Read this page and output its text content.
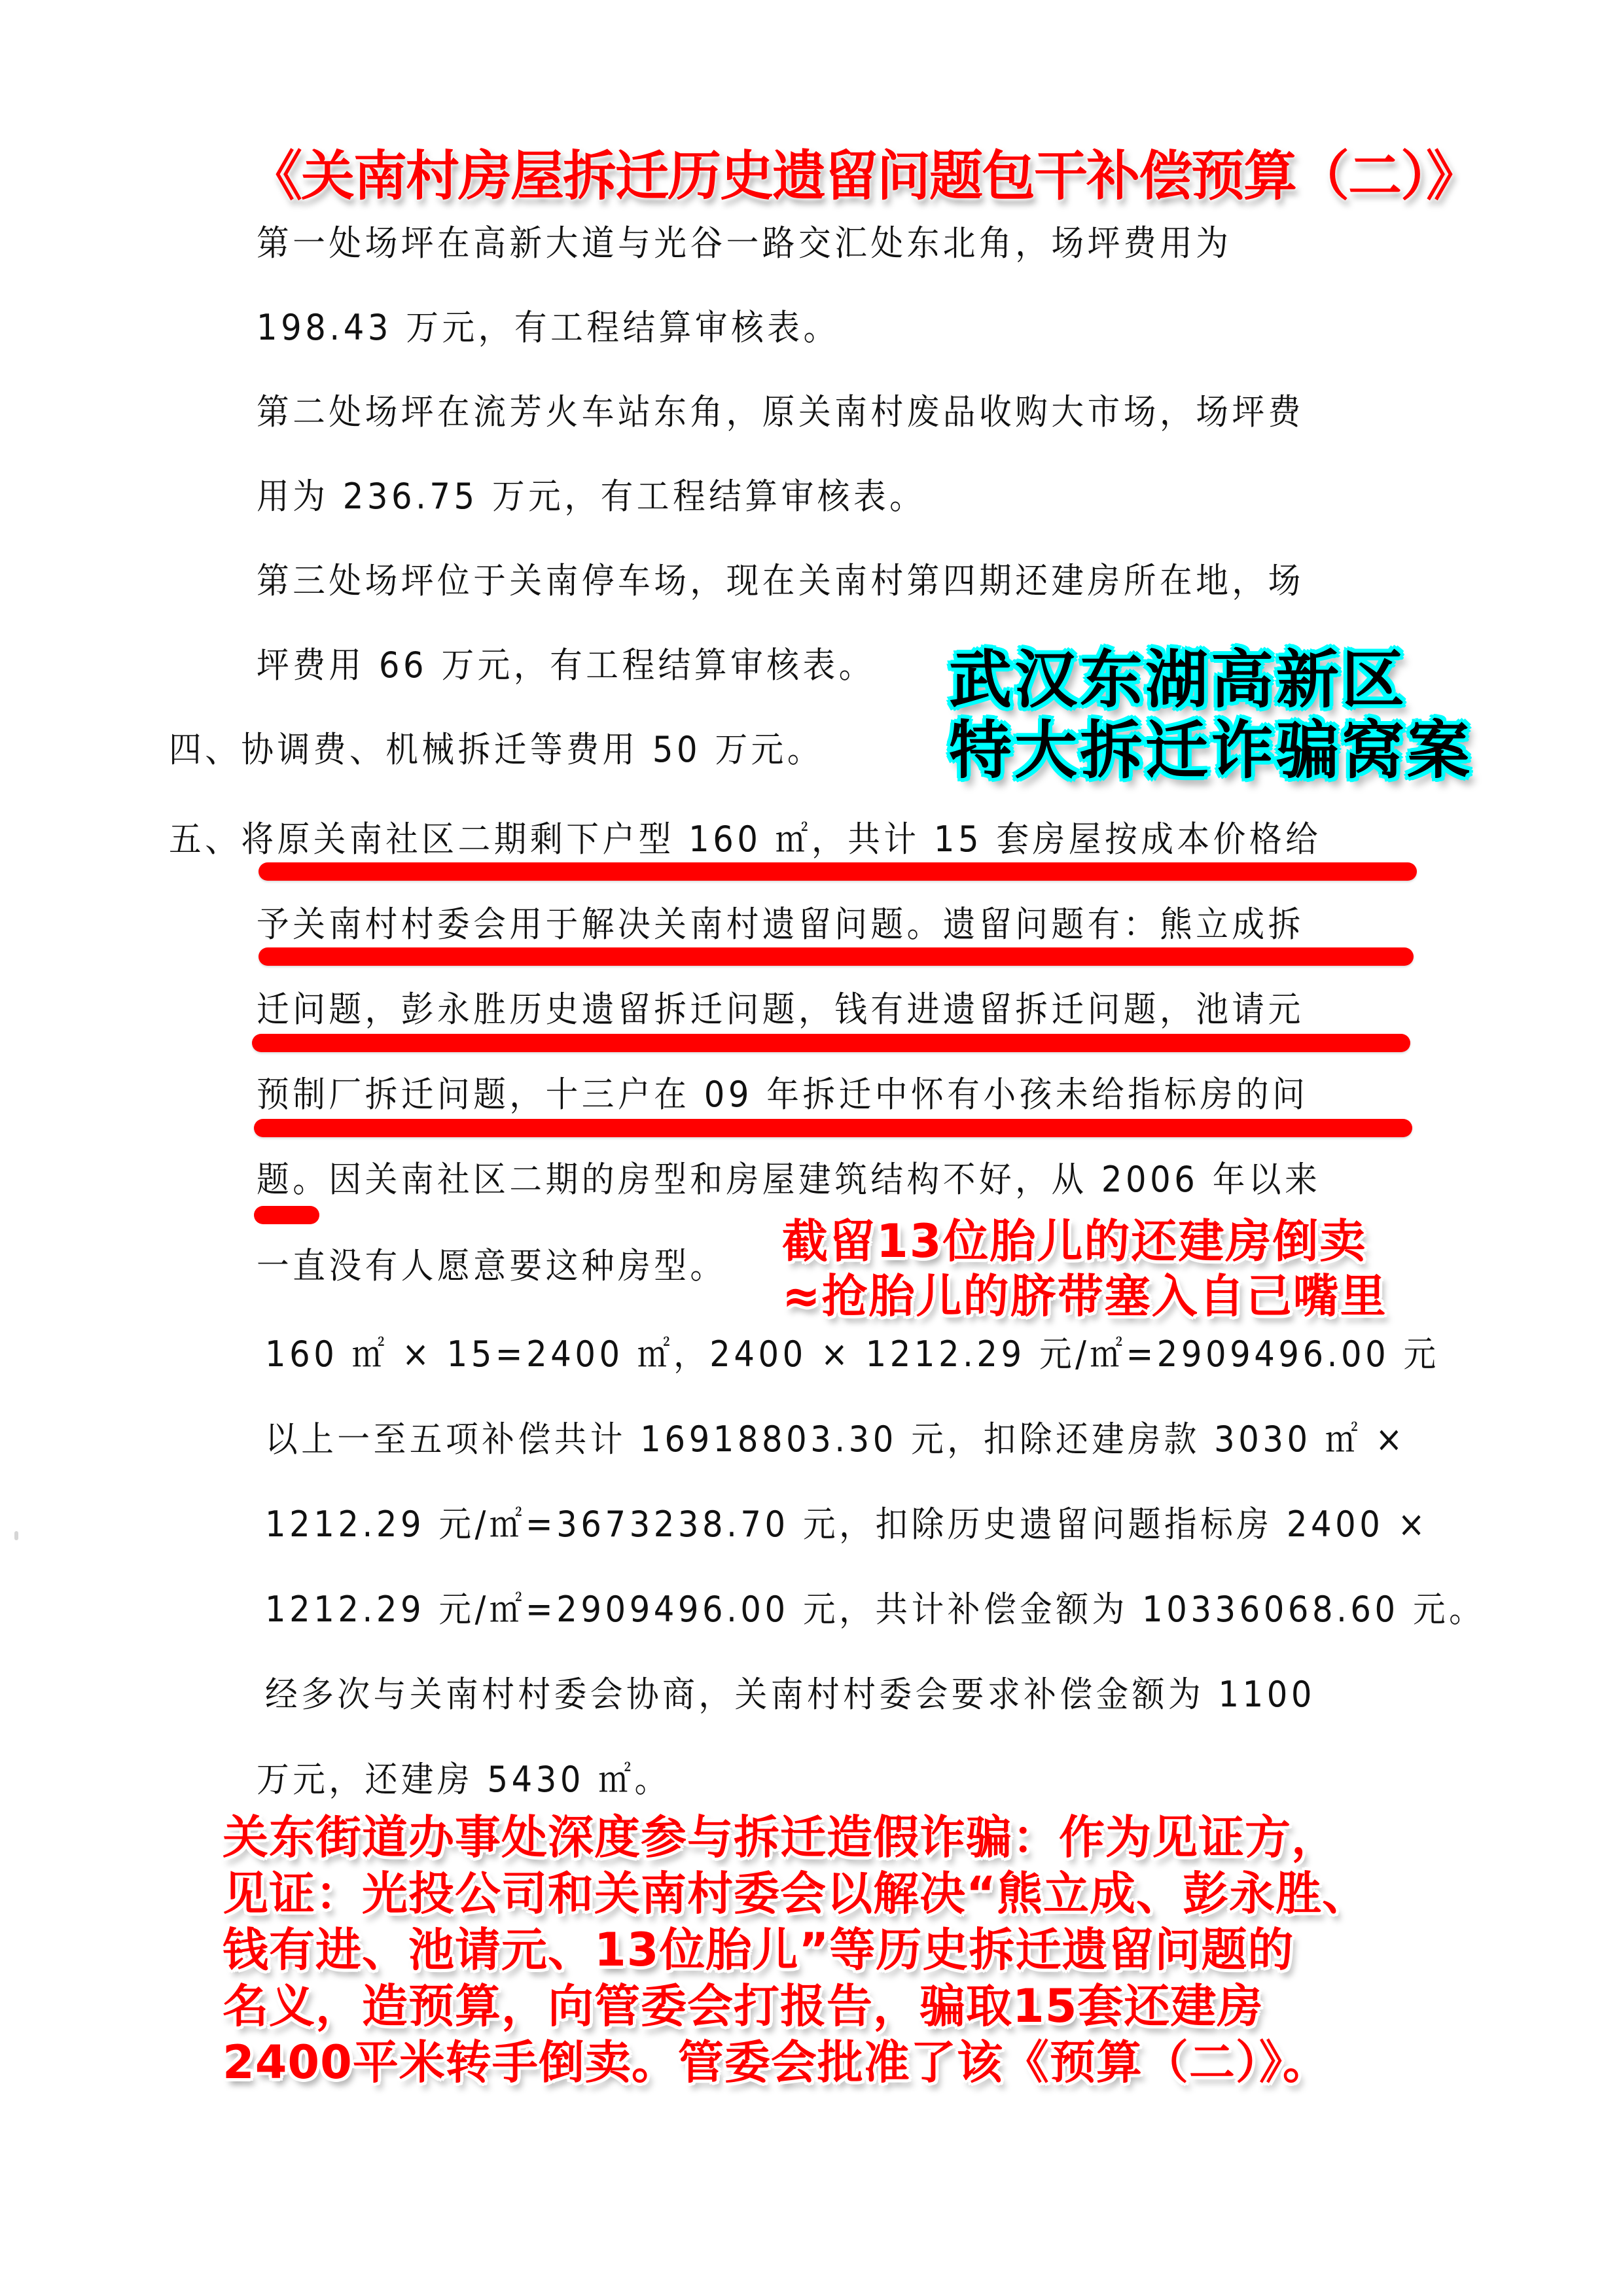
《关南村房屋拆迁历史遗留问题包干补偿预算（二）》
第一处场坪在高新大道与光谷一路交汇处东北角，场坪费用为
198.43 万元，有工程结算审核表。
第二处场坪在流芳火车站东角，原关南村废品收购大市场，场坪费
用为 236.75 万元，有工程结算审核表。
第三处场坪位于关南停车场，现在关南村第四期还建房所在地，场
坪费用 66 万元，有工程结算审核表。
四、协调费、机械拆迁等费用 50 万元。
五、将原关南社区二期剩下户型 160 ㎡，共计 15 套房屋按成本价格给
予关南村村委会用于解决关南村遗留问题。遗留问题有：熊立成拆
迁问题，彭永胜历史遗留拆迁问题，钱有进遗留拆迁问题，池请元
预制厂拆迁问题，十三户在 09 年拆迁中怀有小孩未给指标房的问
题。因关南社区二期的房型和房屋建筑结构不好，从 2006 年以来
一直没有人愿意要这种房型。
160 ㎡ × 15=2400 ㎡，2400 × 1212.29 元/㎡=2909496.00 元
以上一至五项补偿共计 16918803.30 元，扣除还建房款 3030 ㎡ ×
1212.29 元/㎡=3673238.70 元，扣除历史遗留问题指标房 2400 ×
1212.29 元/㎡=2909496.00 元，共计补偿金额为 10336068.60 元。
经多次与关南村村委会协商，关南村村委会要求补偿金额为 1100
万元，还建房 5430 ㎡。
武汉东湖高新区
特大拆迁诈骗窝案
截留13位胎儿的还建房倒卖
≈抢胎儿的脐带塞入自己嘴里
关东街道办事处深度参与拆迁造假诈骗：作为见证方，
见证：光投公司和关南村委会以解决“熊立成、彭永胜、
钱有进、池请元、13位胎儿”等历史拆迁遗留问题的
名义，造预算，向管委会打报告，骗取15套还建房
2400平米转手倒卖。管委会批准了该《预算（二）》。
